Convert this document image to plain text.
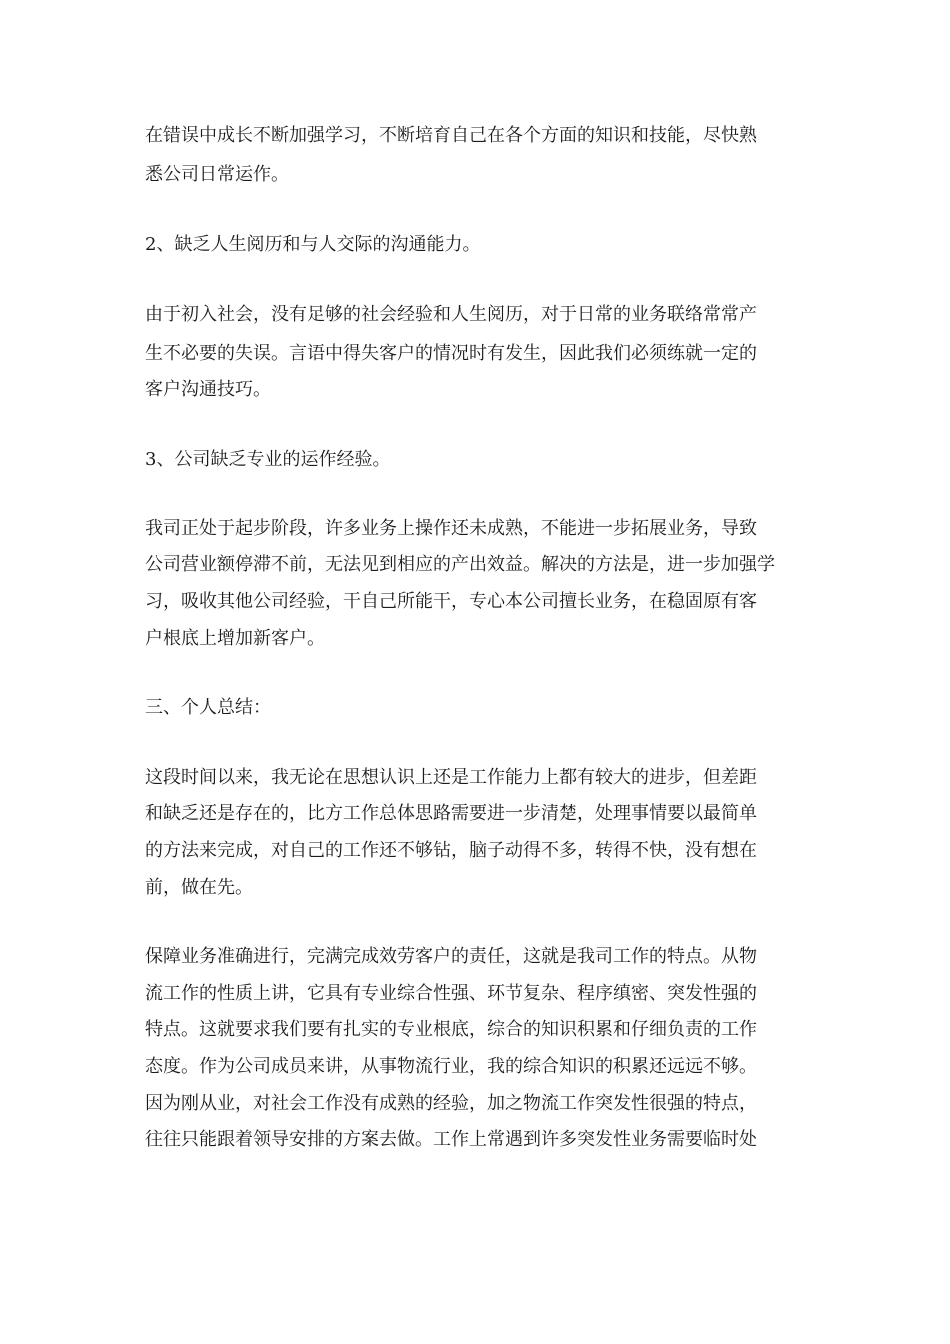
在错误中成长不断加强学习，不断培育自己在各个方面的知识和技能，尽快熟

悉公司日常运作。

2、缺乏人生阅历和与人交际的沟通能力。

由于初入社会，没有足够的社会经验和人生阅历，对于日常的业务联络常常产

生不必要的失误。言语中得失客户的情况时有发生，因此我们必须练就一定的

客户沟通技巧。

3、公司缺乏专业的运作经验。

我司正处于起步阶段，许多业务上操作还未成熟，不能进一步拓展业务，导致

公司营业额停滞不前，无法见到相应的产出效益。解决的方法是，进一步加强学

习，吸收其他公司经验，干自己所能干，专心本公司擅长业务，在稳固原有客

户根底上增加新客户。

三、个人总结：

这段时间以来，我无论在思想认识上还是工作能力上都有较大的进步，但差距

和缺乏还是存在的，比方工作总体思路需要进一步清楚，处理事情要以最简单

的方法来完成，对自己的工作还不够钻，脑子动得不多，转得不快，没有想在

前，做在先。

保障业务准确进行，完满完成效劳客户的责任，这就是我司工作的特点。从物

流工作的性质上讲，它具有专业综合性强、环节复杂、程序缜密、突发性强的

特点。这就要求我们要有扎实的专业根底，综合的知识积累和仔细负责的工作

态度。作为公司成员来讲，从事物流行业，我的综合知识的积累还远远不够。

因为刚从业，对社会工作没有成熟的经验，加之物流工作突发性很强的特点，

往往只能跟着领导安排的方案去做。工作上常遇到许多突发性业务需要临时处
